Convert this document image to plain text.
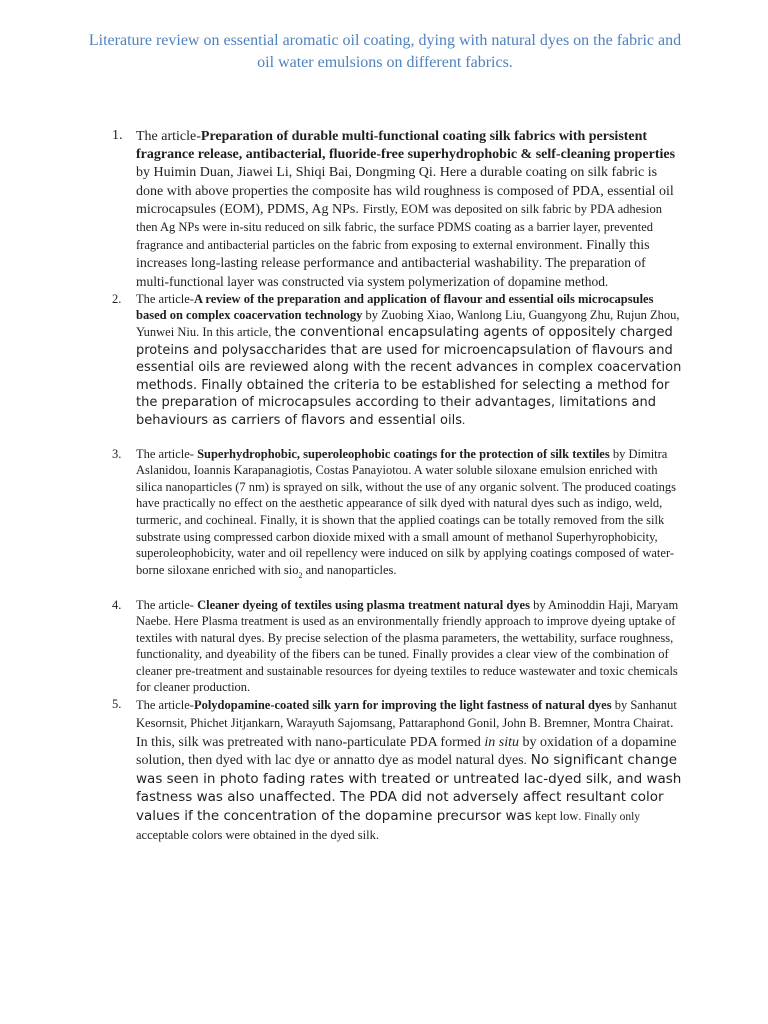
Literature review on essential aromatic oil coating, dying with natural dyes on the fabric and oil water emulsions on different fabrics.
1. The article-Preparation of durable multi-functional coating silk fabrics with persistent fragrance release, antibacterial, fluoride-free superhydrophobic & self-cleaning properties by Huimin Duan, Jiawei Li, Shiqi Bai, Dongming Qi. Here a durable coating on silk fabric is done with above properties the composite has wild roughness is composed of PDA, essential oil microcapsules (EOM), PDMS, Ag NPs. Firstly, EOM was deposited on silk fabric by PDA adhesion then Ag NPs were in-situ reduced on silk fabric, the surface PDMS coating as a barrier layer, prevented fragrance and antibacterial particles on the fabric from exposing to external environment. Finally this increases long-lasting release performance and antibacterial washability. The preparation of multi-functional layer was constructed via system polymerization of dopamine method.
2. The article-A review of the preparation and application of flavour and essential oils microcapsules based on complex coacervation technology by Zuobing Xiao, Wanlong Liu, Guangyong Zhu, Rujun Zhou, Yunwei Niu. In this article, the conventional encapsulating agents of oppositely charged proteins and polysaccharides that are used for microencapsulation of flavours and essential oils are reviewed along with the recent advances in complex coacervation methods. Finally obtained the criteria to be established for selecting a method for the preparation of microcapsules according to their advantages, limitations and behaviours as carriers of flavors and essential oils.
3. The article- Superhydrophobic, superoleophobic coatings for the protection of silk textiles by Dimitra Aslanidou, Ioannis Karapanagiotis, Costas Panayiotou. A water soluble siloxane emulsion enriched with silica nanoparticles (7 nm) is sprayed on silk, without the use of any organic solvent. The produced coatings have practically no effect on the aesthetic appearance of silk dyed with natural dyes such as indigo, weld, turmeric, and cochineal. Finally, it is shown that the applied coatings can be totally removed from the silk substrate using compressed carbon dioxide mixed with a small amount of methanol Superhyrophobicity, superoleophobicity, water and oil repellency were induced on silk by applying coatings composed of water-borne siloxane enriched with sio$_2$ and nanoparticles.
4. The article- Cleaner dyeing of textiles using plasma treatment natural dyes by Aminoddin Haji, Maryam Naebe. Here Plasma treatment is used as an environmentally friendly approach to improve dyeing uptake of textiles with natural dyes. By precise selection of the plasma parameters, the wettability, surface roughness, functionality, and dyeability of the fibers can be tuned. Finally provides a clear view of the combination of cleaner pre-treatment and sustainable resources for dyeing textiles to reduce wastewater and toxic chemicals for cleaner production.
5. The article-Polydopamine-coated silk yarn for improving the light fastness of natural dyes by Sanhanut Kesornsit, Phichet Jitjankarn, Warayuth Sajomsang, Pattaraphond Gonil, John B. Bremner, Montra Chairat. In this, silk was pretreated with nano-particulate PDA formed in situ by oxidation of a dopamine solution, then dyed with lac dye or annatto dye as model natural dyes. No significant change was seen in photo fading rates with treated or untreated lac-dyed silk, and wash fastness was also unaffected. The PDA did not adversely affect resultant color values if the concentration of the dopamine precursor was kept low. Finally only acceptable colors were obtained in the dyed silk.
